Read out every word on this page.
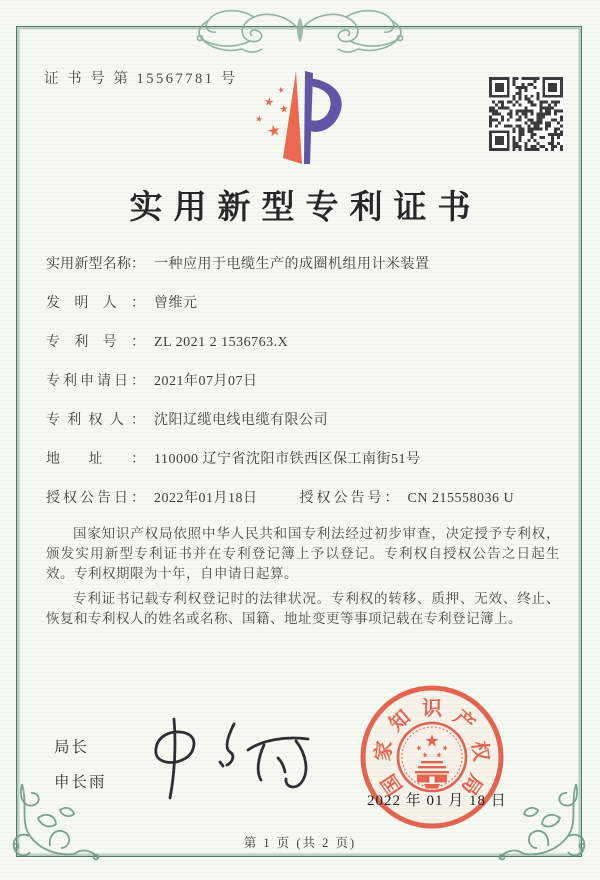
证 书 号 第 15567781 号
实用新型专利证书
实用新型名称： 一种应用于电缆生产的成圈机组用计米装置
发明人： 曾维元
专利号： ZL 2021 2 1536763.X
专利申请日： 2021年07月07日
专利权人： 沈阳辽缆电线电缆有限公司
地址： 110000 辽宁省沈阳市铁西区保工南街51号
授权公告日： 2022年01月18日	授权公告号： CN 215558036 U

国家知识产权局依照中华人民共和国专利法经过初步审查，决定授予专利权，颁发实用新型专利证书并在专利登记簿上予以登记。专利权自授权公告之日起生效。专利权期限为十年，自申请日起算。

专利证书记载专利权登记时的法律状况。专利权的转移、质押、无效、终止、恢复和专利权人的姓名或名称、国籍、地址变更等事项记载在专利登记簿上。

局长
申长雨	国
家
知 识 产
权
局
2022 年 01 月 18 日
第 1 页 (共 2 页)
